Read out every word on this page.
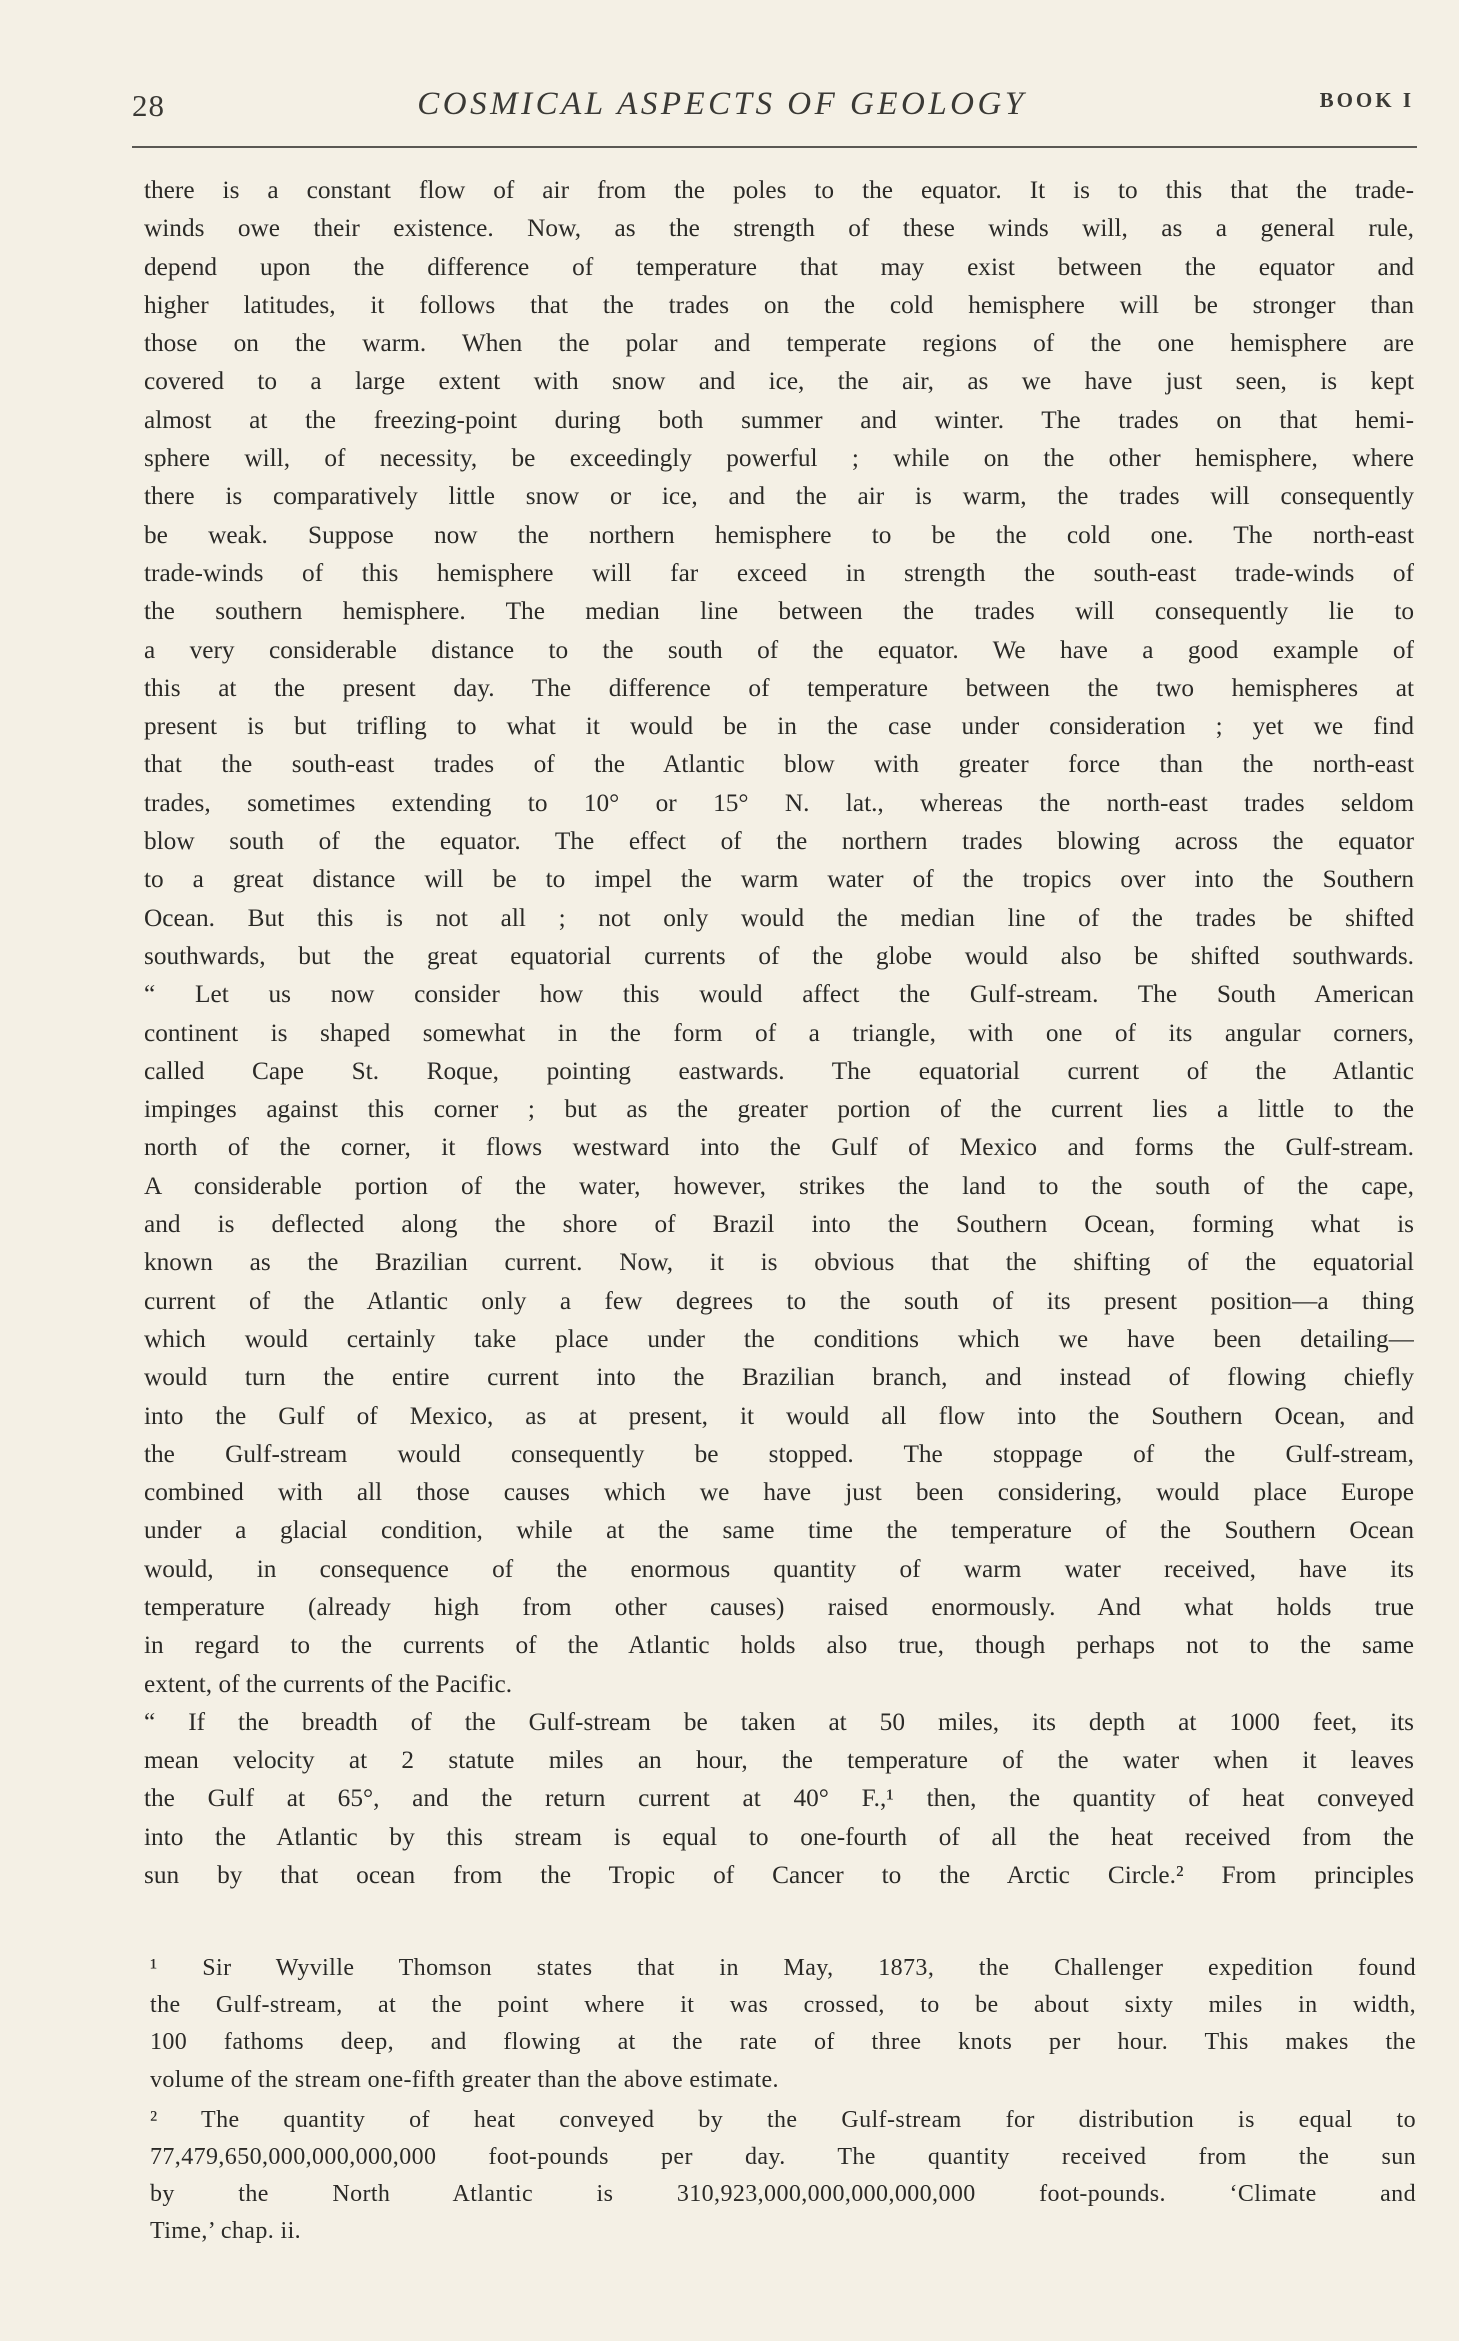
28	COSMICAL ASPECTS OF GEOLOGY	BOOK I
there is a constant flow of air from the poles to the equator. It is to this that the trade-
winds owe their existence. Now, as the strength of these winds will, as a general rule,
depend upon the difference of temperature that may exist between the equator and
higher latitudes, it follows that the trades on the cold hemisphere will be stronger than
those on the warm. When the polar and temperate regions of the one hemisphere are
covered to a large extent with snow and ice, the air, as we have just seen, is kept
almost at the freezing-point during both summer and winter. The trades on that hemi-
sphere will, of necessity, be exceedingly powerful ; while on the other hemisphere, where
there is comparatively little snow or ice, and the air is warm, the trades will consequently
be weak. Suppose now the northern hemisphere to be the cold one. The north-east
trade-winds of this hemisphere will far exceed in strength the south-east trade-winds of
the southern hemisphere. The median line between the trades will consequently lie to
a very considerable distance to the south of the equator. We have a good example of
this at the present day. The difference of temperature between the two hemispheres at
present is but trifling to what it would be in the case under consideration ; yet we find
that the south-east trades of the Atlantic blow with greater force than the north-east
trades, sometimes extending to 10° or 15° N. lat., whereas the north-east trades seldom
blow south of the equator. The effect of the northern trades blowing across the equator
to a great distance will be to impel the warm water of the tropics over into the Southern
Ocean. But this is not all ; not only would the median line of the trades be shifted
southwards, but the great equatorial currents of the globe would also be shifted southwards.
“ Let us now consider how this would affect the Gulf-stream. The South American
continent is shaped somewhat in the form of a triangle, with one of its angular corners,
called Cape St. Roque, pointing eastwards. The equatorial current of the Atlantic
impinges against this corner ; but as the greater portion of the current lies a little to the
north of the corner, it flows westward into the Gulf of Mexico and forms the Gulf-stream.
A considerable portion of the water, however, strikes the land to the south of the cape,
and is deflected along the shore of Brazil into the Southern Ocean, forming what is
known as the Brazilian current. Now, it is obvious that the shifting of the equatorial
current of the Atlantic only a few degrees to the south of its present position—a thing
which would certainly take place under the conditions which we have been detailing—
would turn the entire current into the Brazilian branch, and instead of flowing chiefly
into the Gulf of Mexico, as at present, it would all flow into the Southern Ocean, and
the Gulf-stream would consequently be stopped. The stoppage of the Gulf-stream,
combined with all those causes which we have just been considering, would place Europe
under a glacial condition, while at the same time the temperature of the Southern Ocean
would, in consequence of the enormous quantity of warm water received, have its
temperature (already high from other causes) raised enormously. And what holds true
in regard to the currents of the Atlantic holds also true, though perhaps not to the same
extent, of the currents of the Pacific.
“ If the breadth of the Gulf-stream be taken at 50 miles, its depth at 1000 feet, its
mean velocity at 2 statute miles an hour, the temperature of the water when it leaves
the Gulf at 65°, and the return current at 40° F.,¹ then, the quantity of heat conveyed
into the Atlantic by this stream is equal to one-fourth of all the heat received from the
sun by that ocean from the Tropic of Cancer to the Arctic Circle.² From principles
¹ Sir Wyville Thomson states that in May, 1873, the Challenger expedition found
the Gulf-stream, at the point where it was crossed, to be about sixty miles in width,
100 fathoms deep, and flowing at the rate of three knots per hour. This makes the
volume of the stream one-fifth greater than the above estimate.
² The quantity of heat conveyed by the Gulf-stream for distribution is equal to
77,479,650,000,000,000,000 foot-pounds per day. The quantity received from the sun
by the North Atlantic is 310,923,000,000,000,000,000 foot-pounds. ‘Climate and
Time,’ chap. ii.
